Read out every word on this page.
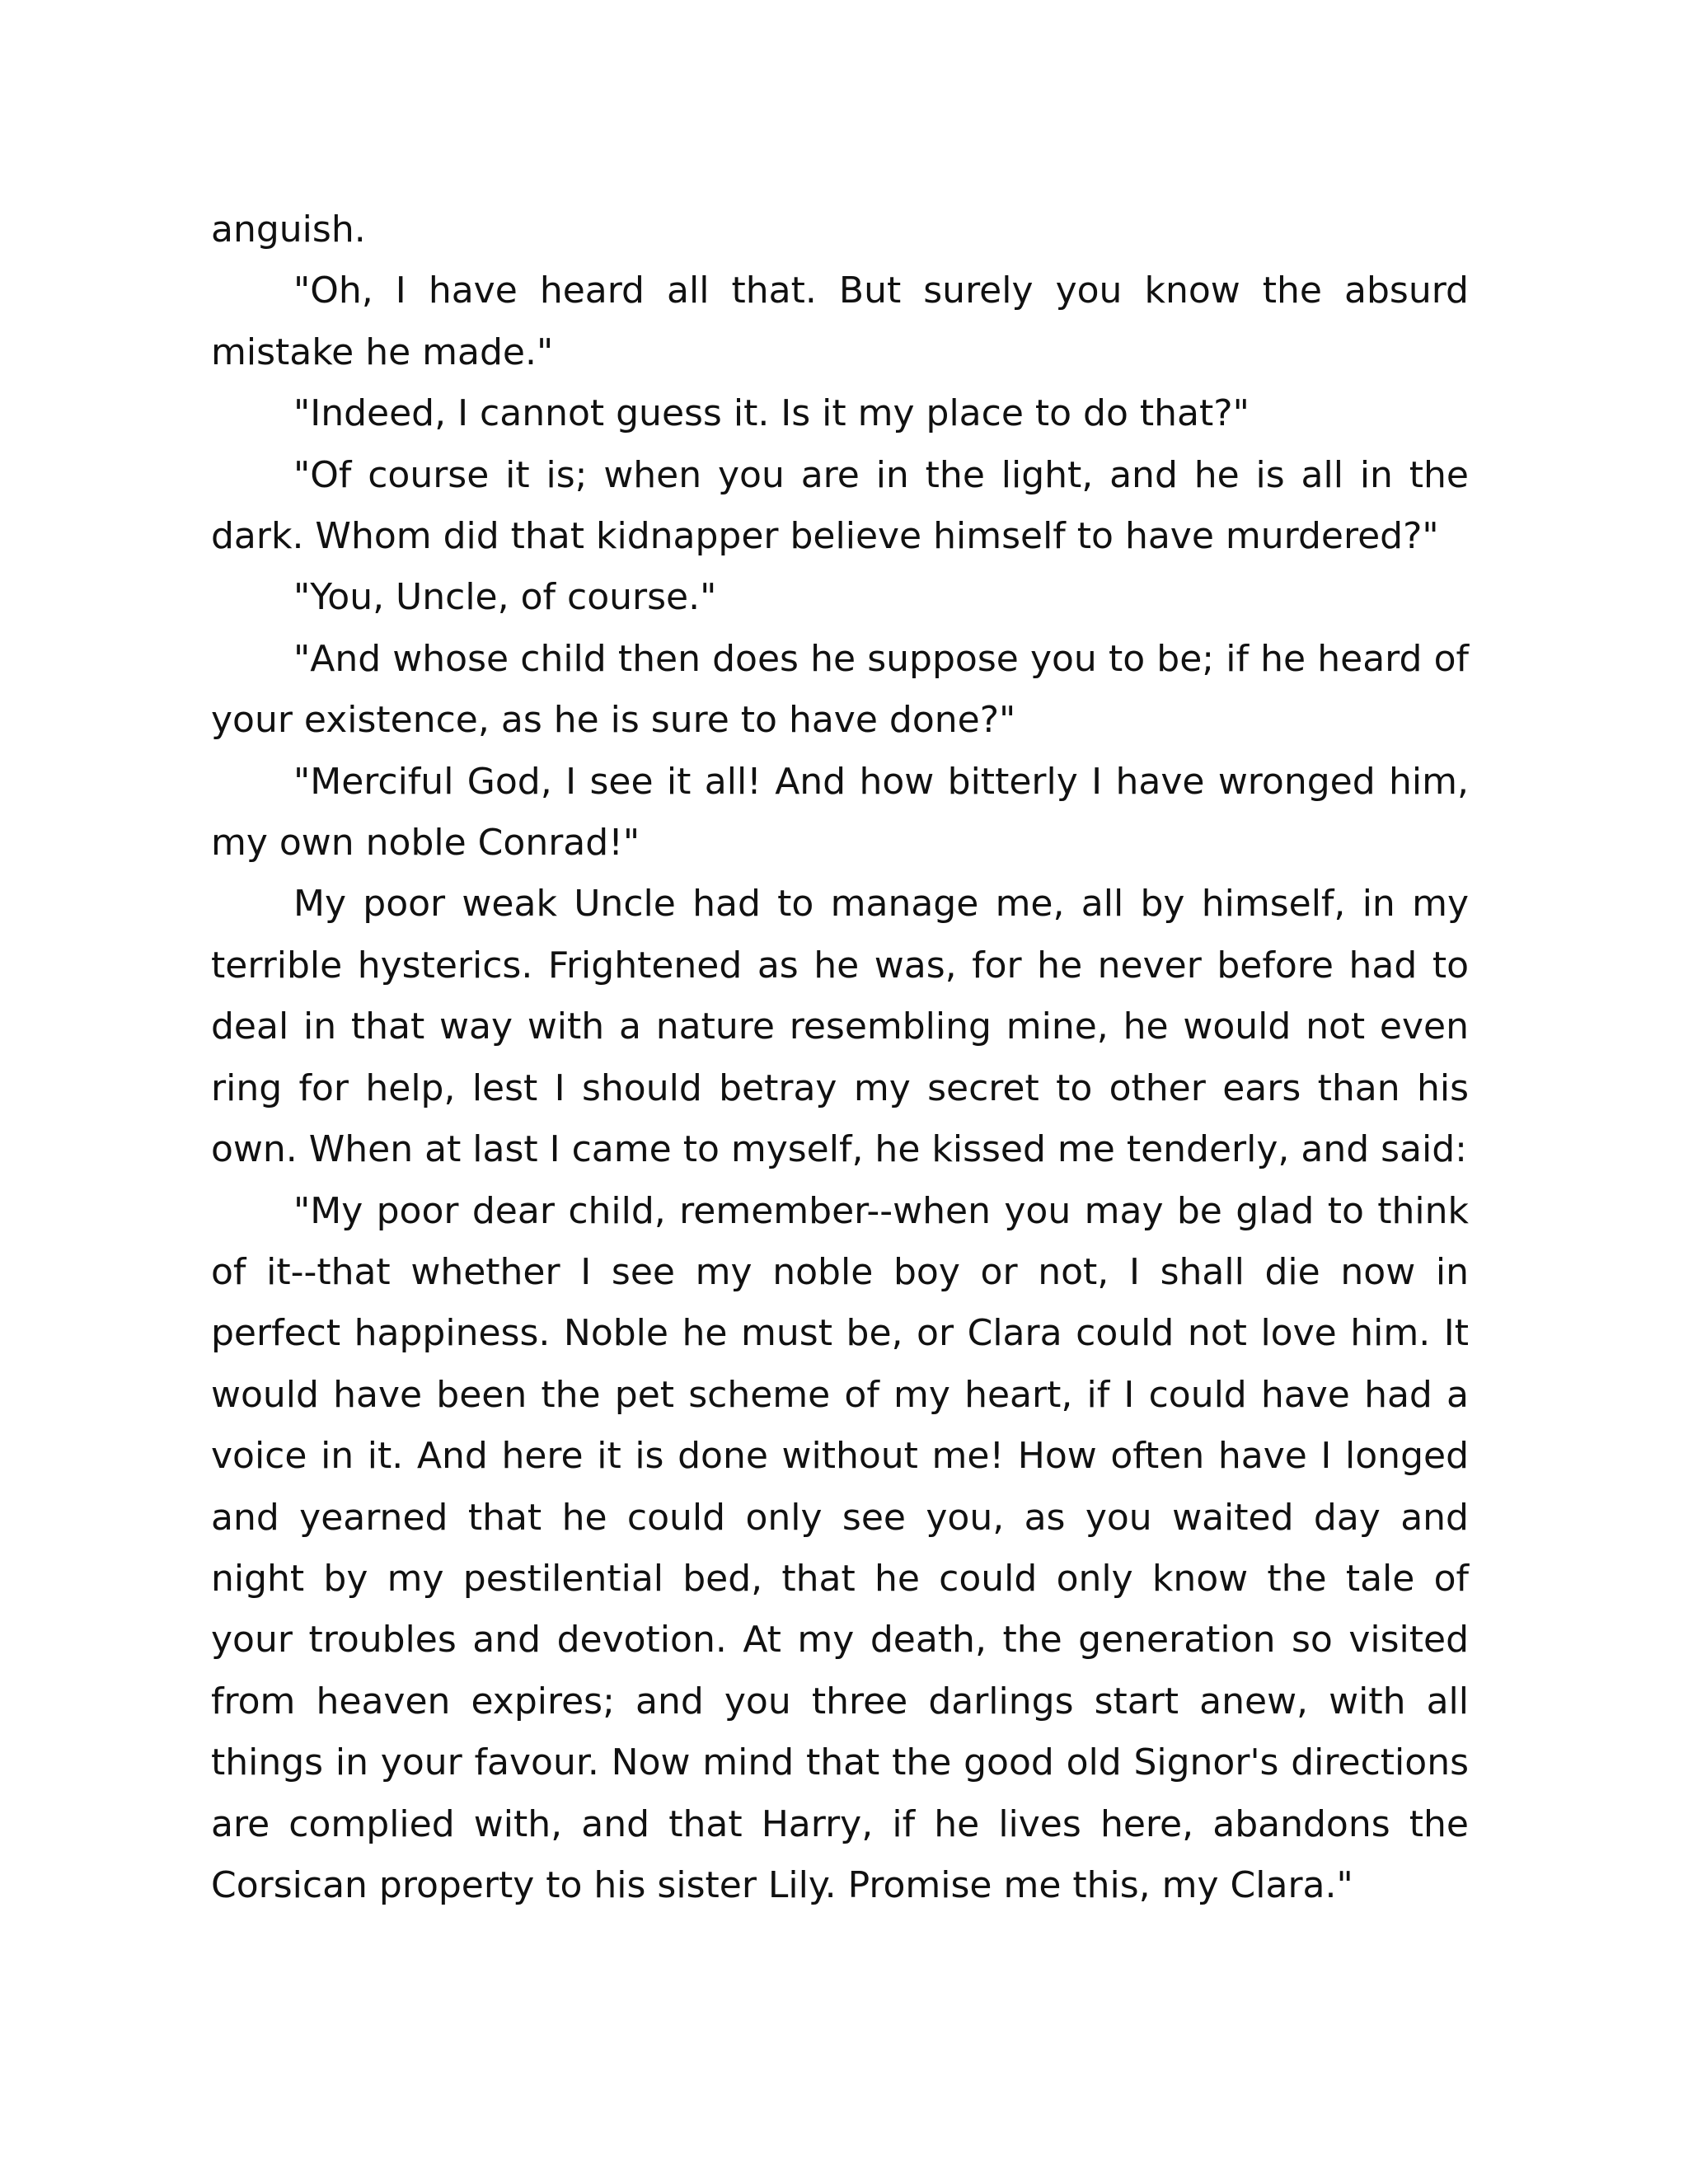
anguish.

"Oh, I have heard all that. But surely you know the absurd mistake he made."

"Indeed, I cannot guess it. Is it my place to do that?"

"Of course it is; when you are in the light, and he is all in the dark. Whom did that kidnapper believe himself to have murdered?"

"You, Uncle, of course."

"And whose child then does he suppose you to be; if he heard of your existence, as he is sure to have done?"

"Merciful God, I see it all! And how bitterly I have wronged him, my own noble Conrad!"

My poor weak Uncle had to manage me, all by himself, in my terrible hysterics. Frightened as he was, for he never before had to deal in that way with a nature resembling mine, he would not even ring for help, lest I should betray my secret to other ears than his own. When at last I came to myself, he kissed me tenderly, and said:

"My poor dear child, remember--when you may be glad to think of it--that whether I see my noble boy or not, I shall die now in perfect happiness. Noble he must be, or Clara could not love him. It would have been the pet scheme of my heart, if I could have had a voice in it. And here it is done without me! How often have I longed and yearned that he could only see you, as you waited day and night by my pestilential bed, that he could only know the tale of your troubles and devotion. At my death, the generation so visited from heaven expires; and you three darlings start anew, with all things in your favour. Now mind that the good old Signor's directions are complied with, and that Harry, if he lives here, abandons the Corsican property to his sister Lily. Promise me this, my Clara."
